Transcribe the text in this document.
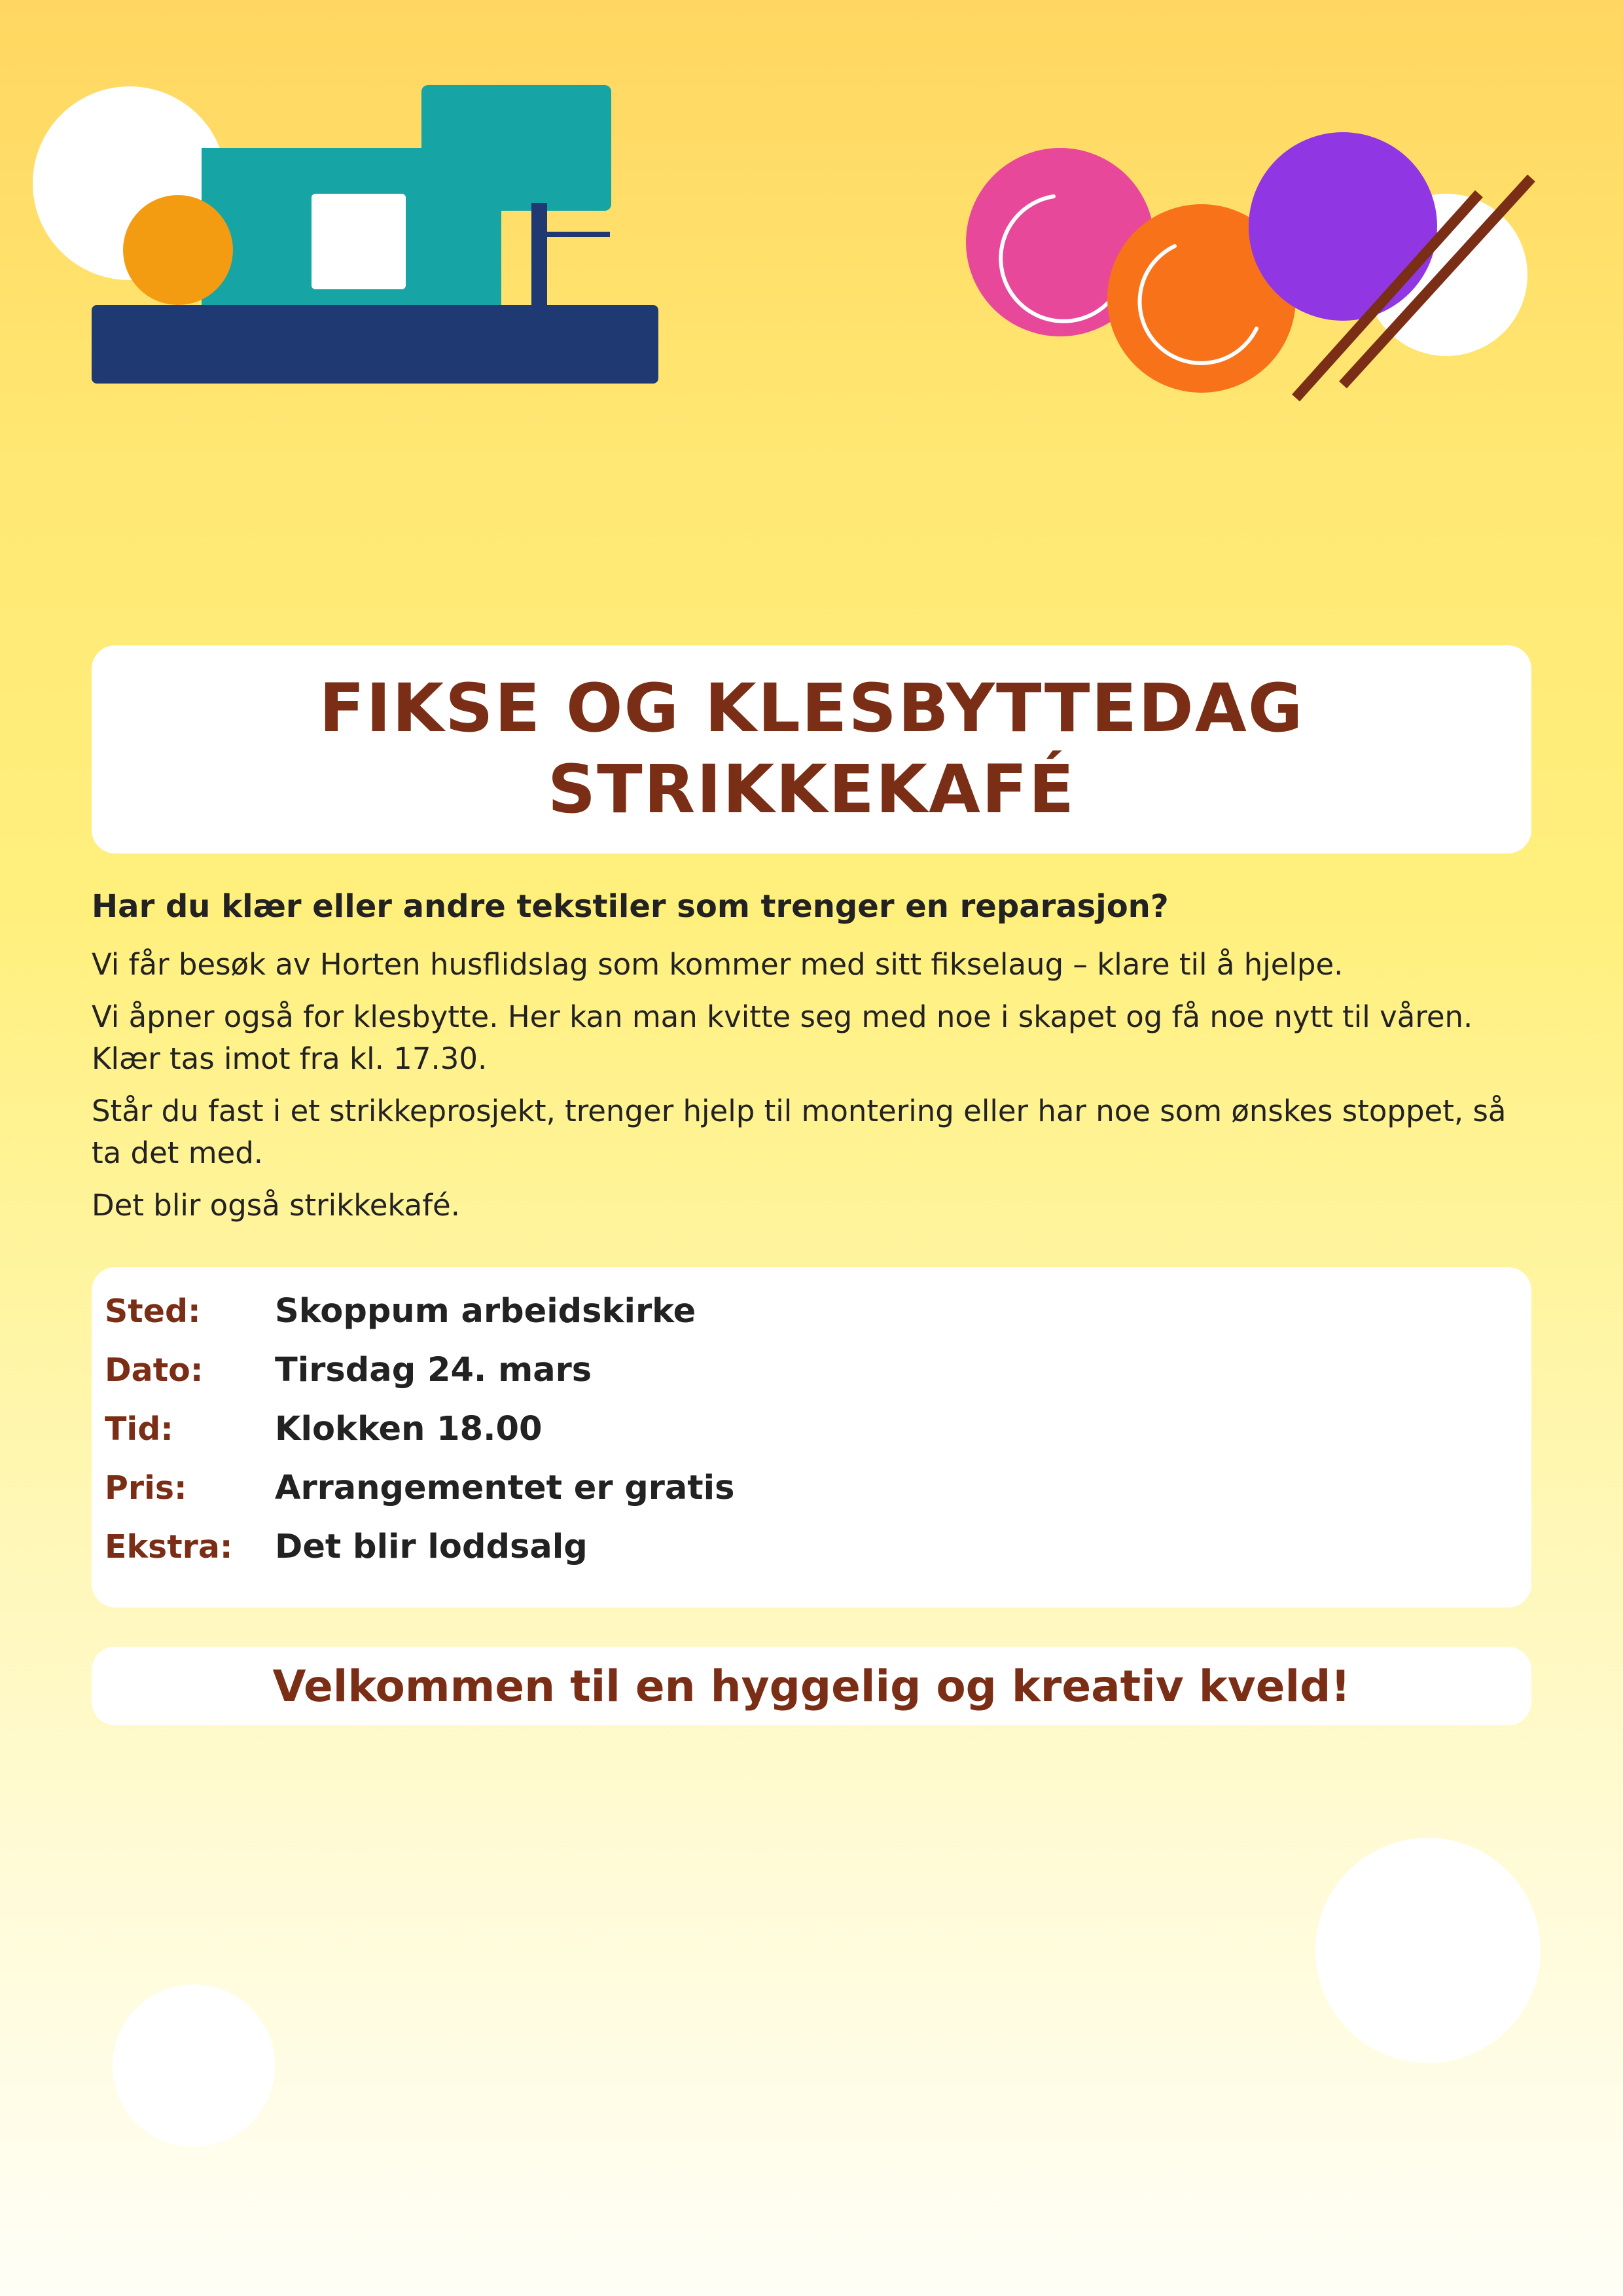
FIKSE OG KLESBYTTEDAG
STRIKKEKAFÉ
Har du klær eller andre tekstiler som trenger en reparasjon?

Vi får besøk av Horten husflidslag som kommer med sitt fikselaug – klare til å hjelpe.

Vi åpner også for klesbytte. Her kan man kvitte seg med noe i skapet og få noe nytt til våren. Klær tas imot fra kl. 17.30.

Står du fast i et strikkeprosjekt, trenger hjelp til montering eller har noe som ønskes stoppet, så ta det med.

Det blir også strikkekafé.

Sted:	Skoppum arbeidskirke
Dato:	Tirsdag 24. mars
Tid:	Klokken 18.00
Pris:	Arrangementet er gratis
Ekstra:	Det blir loddsalg
Velkommen til en hyggelig og kreativ kveld!
